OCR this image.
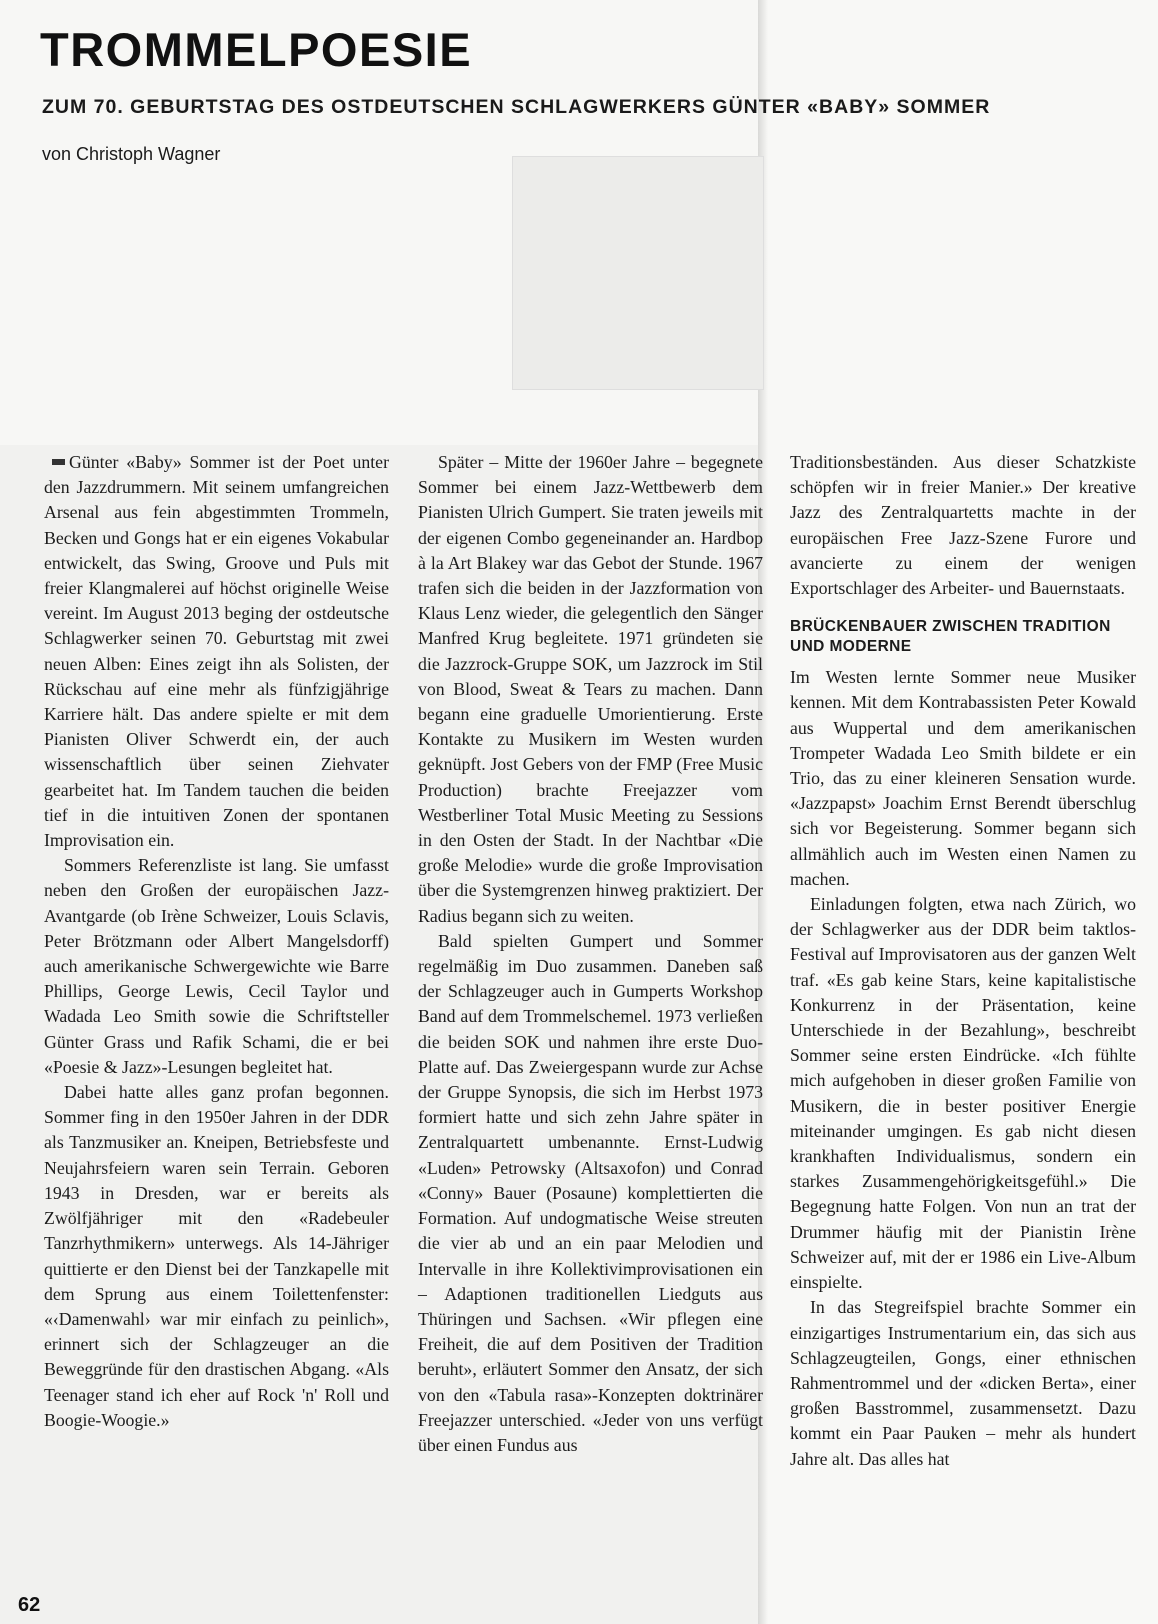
TROMMELPOESIE
ZUM 70. GEBURTSTAG DES OSTDEUTSCHEN SCHLAGWERKERS GÜNTER «BABY» SOMMER

von Christoph Wagner

Günter «Baby» Sommer ist der Poet unter den Jazzdrummern. Mit seinem umfangreichen Arsenal aus fein abgestimmten Trommeln, Becken und Gongs hat er ein eigenes Vokabular entwickelt, das Swing, Groove und Puls mit freier Klangmalerei auf höchst originelle Weise vereint. Im August 2013 beging der ostdeutsche Schlagwerker seinen 70. Geburtstag mit zwei neuen Alben: Eines zeigt ihn als Solisten, der Rückschau auf eine mehr als fünfzigjährige Karriere hält. Das andere spielte er mit dem Pianisten Oliver Schwerdt ein, der auch wissenschaftlich über seinen Ziehvater gearbeitet hat. Im Tandem tauchen die beiden tief in die intuitiven Zonen der spontanen Improvisation ein.

Sommers Referenzliste ist lang. Sie umfasst neben den Großen der europäischen Jazz-Avantgarde (ob Irène Schweizer, Louis Sclavis, Peter Brötzmann oder Albert Mangelsdorff) auch amerikanische Schwergewichte wie Barre Phillips, George Lewis, Cecil Taylor und Wadada Leo Smith sowie die Schriftsteller Günter Grass und Rafik Schami, die er bei «Poesie & Jazz»-Lesungen begleitet hat.

Dabei hatte alles ganz profan begonnen. Sommer fing in den 1950er Jahren in der DDR als Tanzmusiker an. Kneipen, Betriebsfeste und Neujahrsfeiern waren sein Terrain. Geboren 1943 in Dresden, war er bereits als Zwölfjähriger mit den «Radebeuler Tanzrhythmikern» unterwegs. Als 14-Jähriger quittierte er den Dienst bei der Tanzkapelle mit dem Sprung aus einem Toilettenfenster: «‹Damenwahl› war mir einfach zu peinlich», erinnert sich der Schlagzeuger an die Beweggründe für den drastischen Abgang. «Als Teenager stand ich eher auf Rock 'n' Roll und Boogie-Woogie.»

Später – Mitte der 1960er Jahre – begegnete Sommer bei einem Jazz-Wettbewerb dem Pianisten Ulrich Gumpert. Sie traten jeweils mit der eigenen Combo gegeneinander an. Hardbop à la Art Blakey war das Gebot der Stunde. 1967 trafen sich die beiden in der Jazzformation von Klaus Lenz wieder, die gelegentlich den Sänger Manfred Krug begleitete. 1971 gründeten sie die Jazzrock-Gruppe SOK, um Jazzrock im Stil von Blood, Sweat & Tears zu machen. Dann begann eine graduelle Umorientierung. Erste Kontakte zu Musikern im Westen wurden geknüpft. Jost Gebers von der FMP (Free Music Production) brachte Freejazzer vom Westberliner Total Music Meeting zu Sessions in den Osten der Stadt. In der Nachtbar «Die große Melodie» wurde die große Improvisation über die Systemgrenzen hinweg praktiziert. Der Radius begann sich zu weiten.

Bald spielten Gumpert und Sommer regelmäßig im Duo zusammen. Daneben saß der Schlagzeuger auch in Gumperts Workshop Band auf dem Trommelschemel. 1973 verließen die beiden SOK und nahmen ihre erste Duo-Platte auf. Das Zweiergespann wurde zur Achse der Gruppe Synopsis, die sich im Herbst 1973 formiert hatte und sich zehn Jahre später in Zentralquartett umbenannte. Ernst-Ludwig «Luden» Petrowsky (Altsaxofon) und Conrad «Conny» Bauer (Posaune) komplettierten die Formation. Auf undogmatische Weise streuten die vier ab und an ein paar Melodien und Intervalle in ihre Kollektivimprovisationen ein – Adaptionen traditionellen Liedguts aus Thüringen und Sachsen. «Wir pflegen eine Freiheit, die auf dem Positiven der Tradition beruht», erläutert Sommer den Ansatz, der sich von den «Tabula rasa»-Konzepten doktrinärer Freejazzer unterschied. «Jeder von uns verfügt über einen Fundus aus

Traditionsbeständen. Aus dieser Schatzkiste schöpfen wir in freier Manier.» Der kreative Jazz des Zentralquartetts machte in der europäischen Free Jazz-Szene Furore und avancierte zu einem der wenigen Exportschlager des Arbeiter- und Bauernstaats.

BRÜCKENBAUER ZWISCHEN TRADITION UND MODERNE

Im Westen lernte Sommer neue Musiker kennen. Mit dem Kontrabassisten Peter Kowald aus Wuppertal und dem amerikanischen Trompeter Wadada Leo Smith bildete er ein Trio, das zu einer kleineren Sensation wurde. «Jazzpapst» Joachim Ernst Berendt überschlug sich vor Begeisterung. Sommer begann sich allmählich auch im Westen einen Namen zu machen.

Einladungen folgten, etwa nach Zürich, wo der Schlagwerker aus der DDR beim taktlos-Festival auf Improvisatoren aus der ganzen Welt traf. «Es gab keine Stars, keine kapitalistische Konkurrenz in der Präsentation, keine Unterschiede in der Bezahlung», beschreibt Sommer seine ersten Eindrücke. «Ich fühlte mich aufgehoben in dieser großen Familie von Musikern, die in bester positiver Energie miteinander umgingen. Es gab nicht diesen krankhaften Individualismus, sondern ein starkes Zusammengehörigkeitsgefühl.» Die Begegnung hatte Folgen. Von nun an trat der Drummer häufig mit der Pianistin Irène Schweizer auf, mit der er 1986 ein Live-Album einspielte.

In das Stegreifspiel brachte Sommer ein einzigartiges Instrumentarium ein, das sich aus Schlagzeugteilen, Gongs, einer ethnischen Rahmentrommel und der «dicken Berta», einer großen Basstrommel, zusammensetzt. Dazu kommt ein Paar Pauken – mehr als hundert Jahre alt. Das alles hat

62
